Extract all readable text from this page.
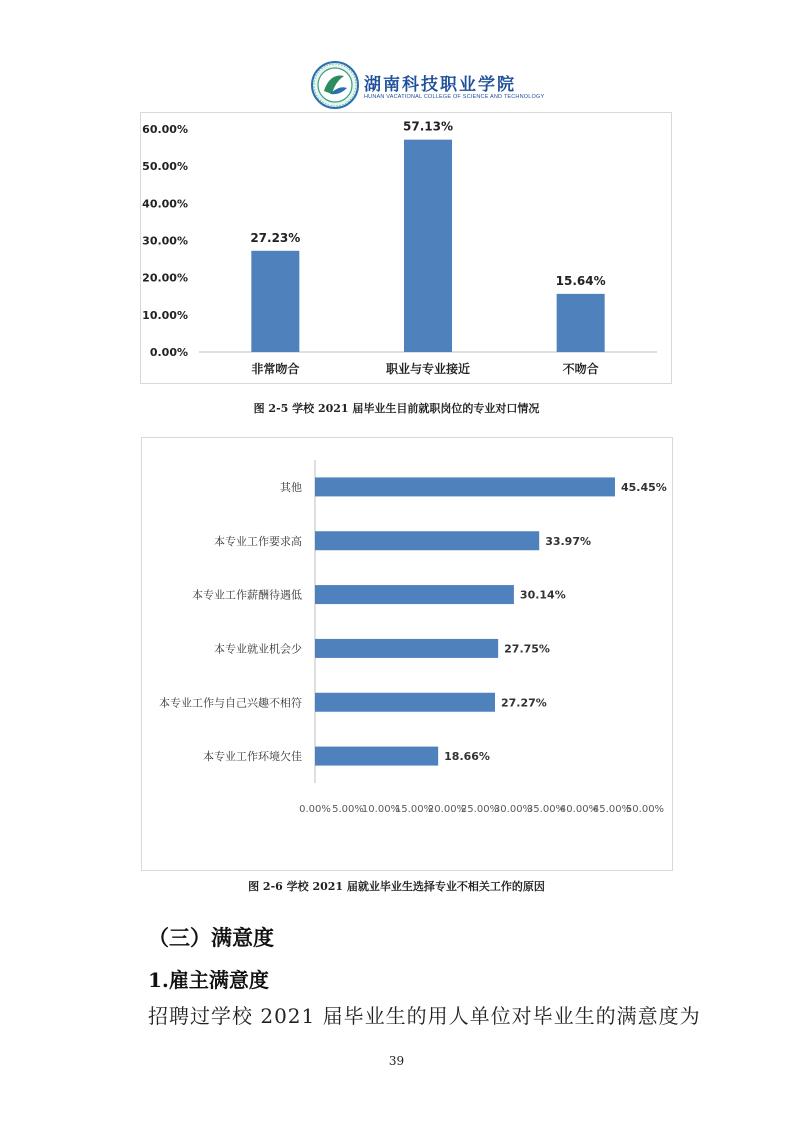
湖南科技职业学院
HUNAN VACATIONAL COLLEGE OF SCIENCE AND TECHNOLOGY
0.00%
10.00%
20.00%
30.00%
40.00%
50.00%
60.00%
27.23%
非常吻合
57.13%
职业与专业接近
15.64%
不吻合
图 2-5 学校 2021 届毕业生目前就职岗位的专业对口情况
45.45%
其他
33.97%
本专业工作要求高
30.14%
本专业工作薪酬待遇低
27.75%
本专业就业机会少
27.27%
本专业工作与自己兴趣不相符
18.66%
本专业工作环境欠佳
0.00% 5.00%
10.00%
15.00%
20.00%
25.00%
30.00%
35.00%
40.00%
45.00%
50.00%
图 2-6 学校 2021 届就业毕业生选择专业不相关工作的原因
（三）满意度
1.雇主满意度
招聘过学校 2021 届毕业生的用人单位对毕业生的满意度为
39
